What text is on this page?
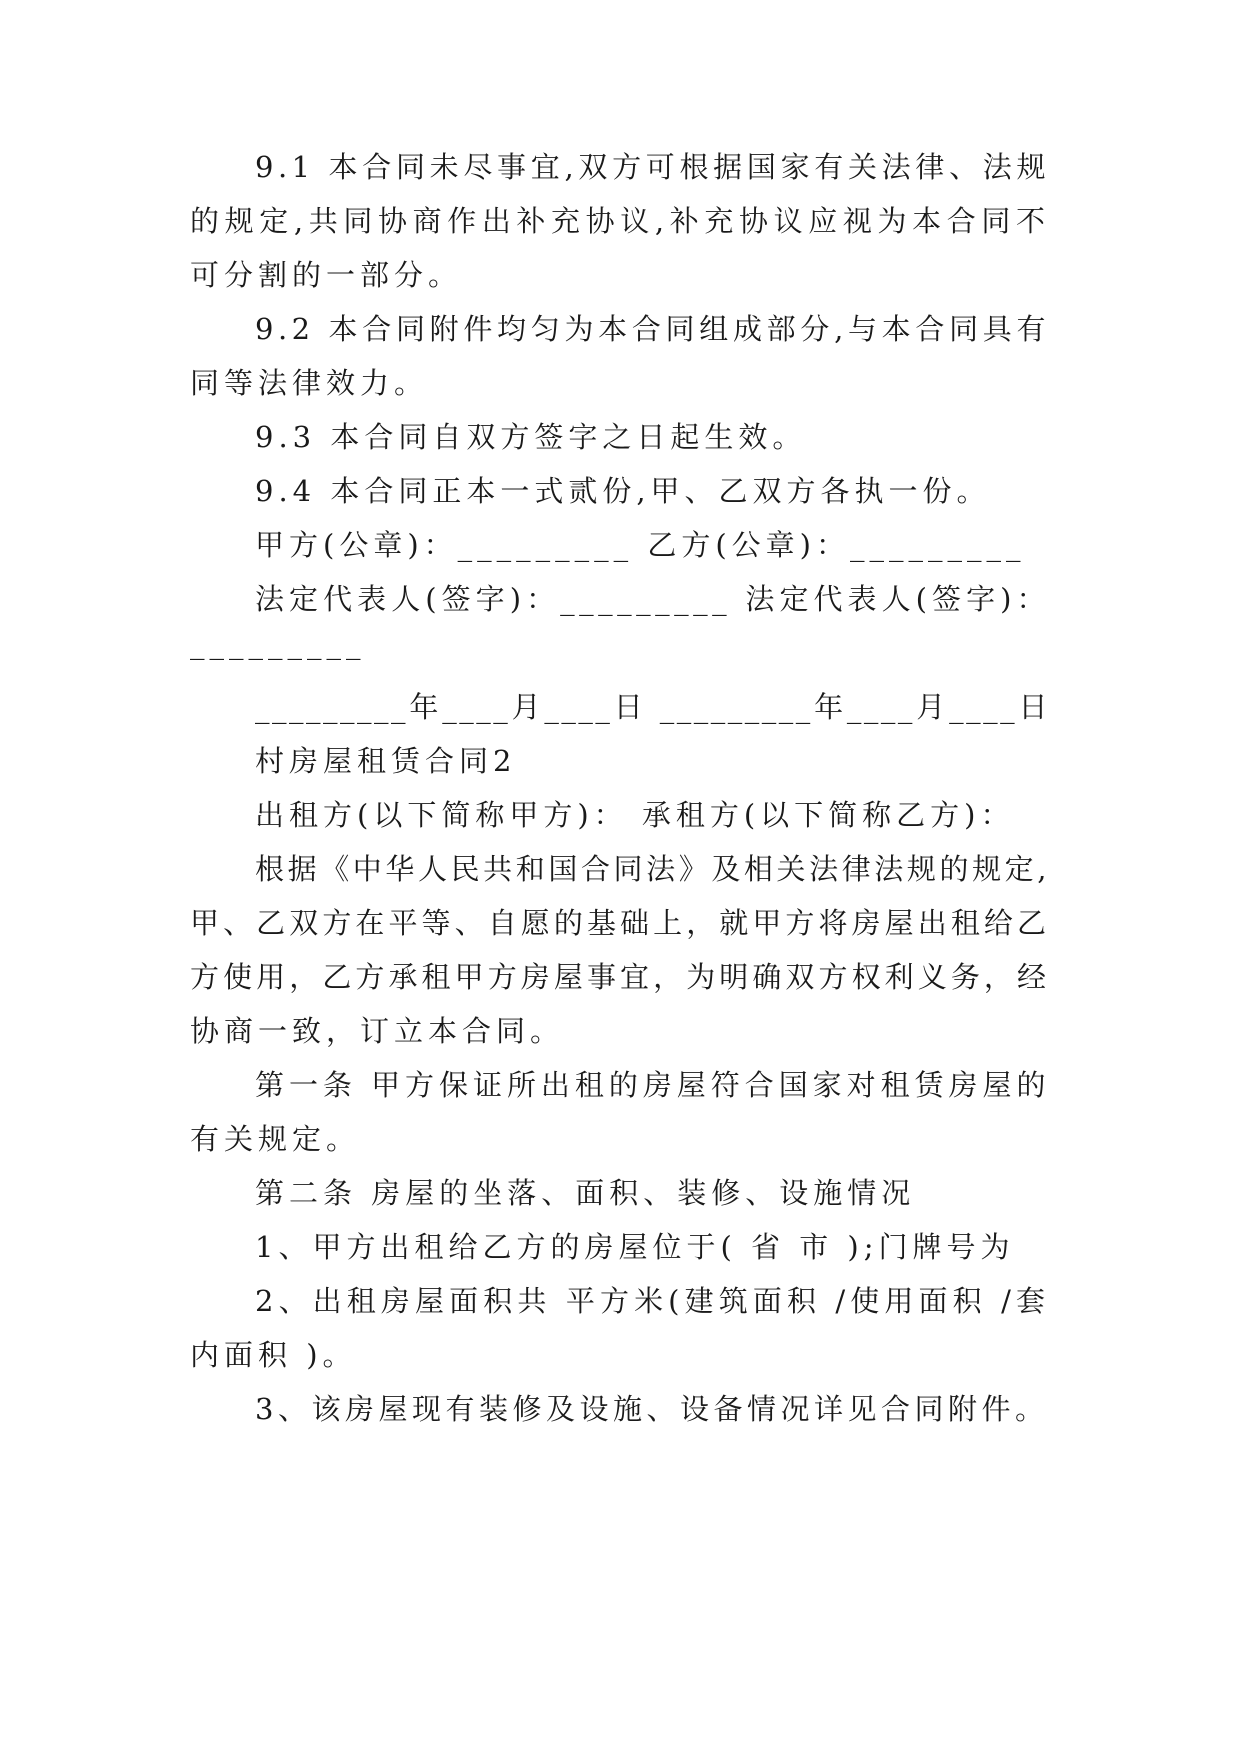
9.1 本合同未尽事宜,双方可根据国家有关法律、法规
的规定,共同协商作出补充协议,补充协议应视为本合同不
可分割的一部分。
9.2 本合同附件均匀为本合同组成部分,与本合同具有
同等法律效力。
9.3 本合同自双方签字之日起生效。
9.4 本合同正本一式贰份,甲、乙双方各执一份。
甲方(公章)：_________ 乙方(公章)：_________
法定代表人(签字)：_________ 法定代表人(签字)：
_________
_________年____月____日 _________年____月____日
村房屋租赁合同2
出租方(以下简称甲方)： 承租方(以下简称乙方)：
根据《中华人民共和国合同法》及相关法律法规的规定,
甲、乙双方在平等、自愿的基础上，就甲方将房屋出租给乙
方使用，乙方承租甲方房屋事宜，为明确双方权利义务，经
协商一致，订立本合同。
第一条 甲方保证所出租的房屋符合国家对租赁房屋的
有关规定。
第二条 房屋的坐落、面积、装修、设施情况
1、甲方出租给乙方的房屋位于( 省 市 );门牌号为
2、出租房屋面积共 平方米(建筑面积 /使用面积 /套
内面积 )。
3、该房屋现有装修及设施、设备情况详见合同附件。
